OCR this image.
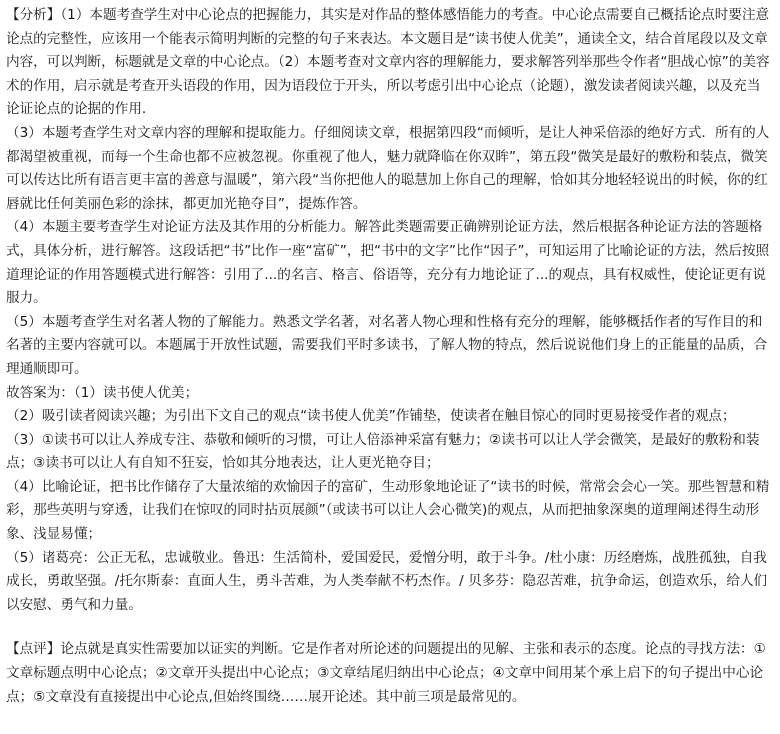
【分析】（1）本题考查学生对中心论点的把握能力，其实是对作品的整体感悟能力的考查。中心论点需要自己概括论点时要注意论点的完整性，应该用一个能表示简明判断的完整的句子来表达。本文题目是“读书使人优美”，通读全文，结合首尾段以及文章内容，可以判断，标题就是文章的中心论点。（2）本题考查对文章内容的理解能力，要求解答列举那些令作者“胆战心惊”的美容术的作用，启示就是考查开头语段的作用，因为语段位于开头，所以考虑引出中心论点（论题），激发读者阅读兴趣，以及充当论证论点的论据的作用．

（3）本题考查学生对文章内容的理解和提取能力。仔细阅读文章，根据第四段“而倾听，是让人神采倍添的绝好方式．所有的人都渴望被重视，而每一个生命也都不应被忽视。你重视了他人，魅力就降临在你双眸”，第五段“微笑是最好的敷粉和装点，微笑可以传达比所有语言更丰富的善意与温暖”，第六段“当你把他人的聪慧加上你自己的理解，恰如其分地轻轻说出的时候，你的红唇就比任何美丽色彩的涂抹，都更加光艳夺目”，提炼作答。

（4）本题主要考查学生对论证方法及其作用的分析能力。解答此类题需要正确辨别论证方法，然后根据各种论证方法的答题格式，具体分析，进行解答。这段话把“书”比作一座“富矿”，把“书中的文字”比作“因子”，可知运用了比喻论证的方法，然后按照道理论证的作用答题模式进行解答：引用了...的名言、格言、俗语等，充分有力地论证了...的观点，具有权威性，使论证更有说服力。

（5）本题考查学生对名著人物的了解能力。熟悉文学名著，对名著人物心理和性格有充分的理解，能够概括作者的写作目的和名著的主要内容就可以。本题属于开放性试题，需要我们平时多读书，了解人物的特点，然后说说他们身上的正能量的品质，合理通顺即可。

故答案为：（1）读书使人优美；

（2）吸引读者阅读兴趣；为引出下文自己的观点“读书使人优美”作铺垫，使读者在触目惊心的同时更易接受作者的观点；

（3）①读书可以让人养成专注、恭敬和倾听的习惯，可让人倍添神采富有魅力；②读书可以让人学会微笑，是最好的敷粉和装点；③读书可以让人有自知不狂妄，恰如其分地表达，让人更光艳夺目；

（4）比喻论证，把书比作储存了大量浓缩的欢愉因子的富矿，生动形象地论证了“读书的时候，常常会会心一笑。那些智慧和精彩，那些英明与穿透，让我们在惊叹的同时拈页展颜”（或读书可以让人会心微笑)的观点，从而把抽象深奥的道理阐述得生动形象、浅显易懂；

（5）诸葛亮：公正无私，忠诚敬业。鲁迅：生活简朴，爱国爱民，爱憎分明，敢于斗争。/杜小康：历经磨炼，战胜孤独，自我成长，勇敢坚强。/托尔斯泰：直面人生，勇斗苦难，为人类奉献不朽杰作。/ 贝多芬：隐忍苦难，抗争命运，创造欢乐，给人们以安慰、勇气和力量。

【点评】论点就是真实性需要加以证实的判断。它是作者对所论述的问题提出的见解、主张和表示的态度。论点的寻找方法：①文章标题点明中心论点；②文章开头提出中心论点；③文章结尾归纳出中心论点；④文章中间用某个承上启下的句子提出中心论点；⑤文章没有直接提出中心论点,但始终围绕……展开论述。其中前三项是最常见的。
